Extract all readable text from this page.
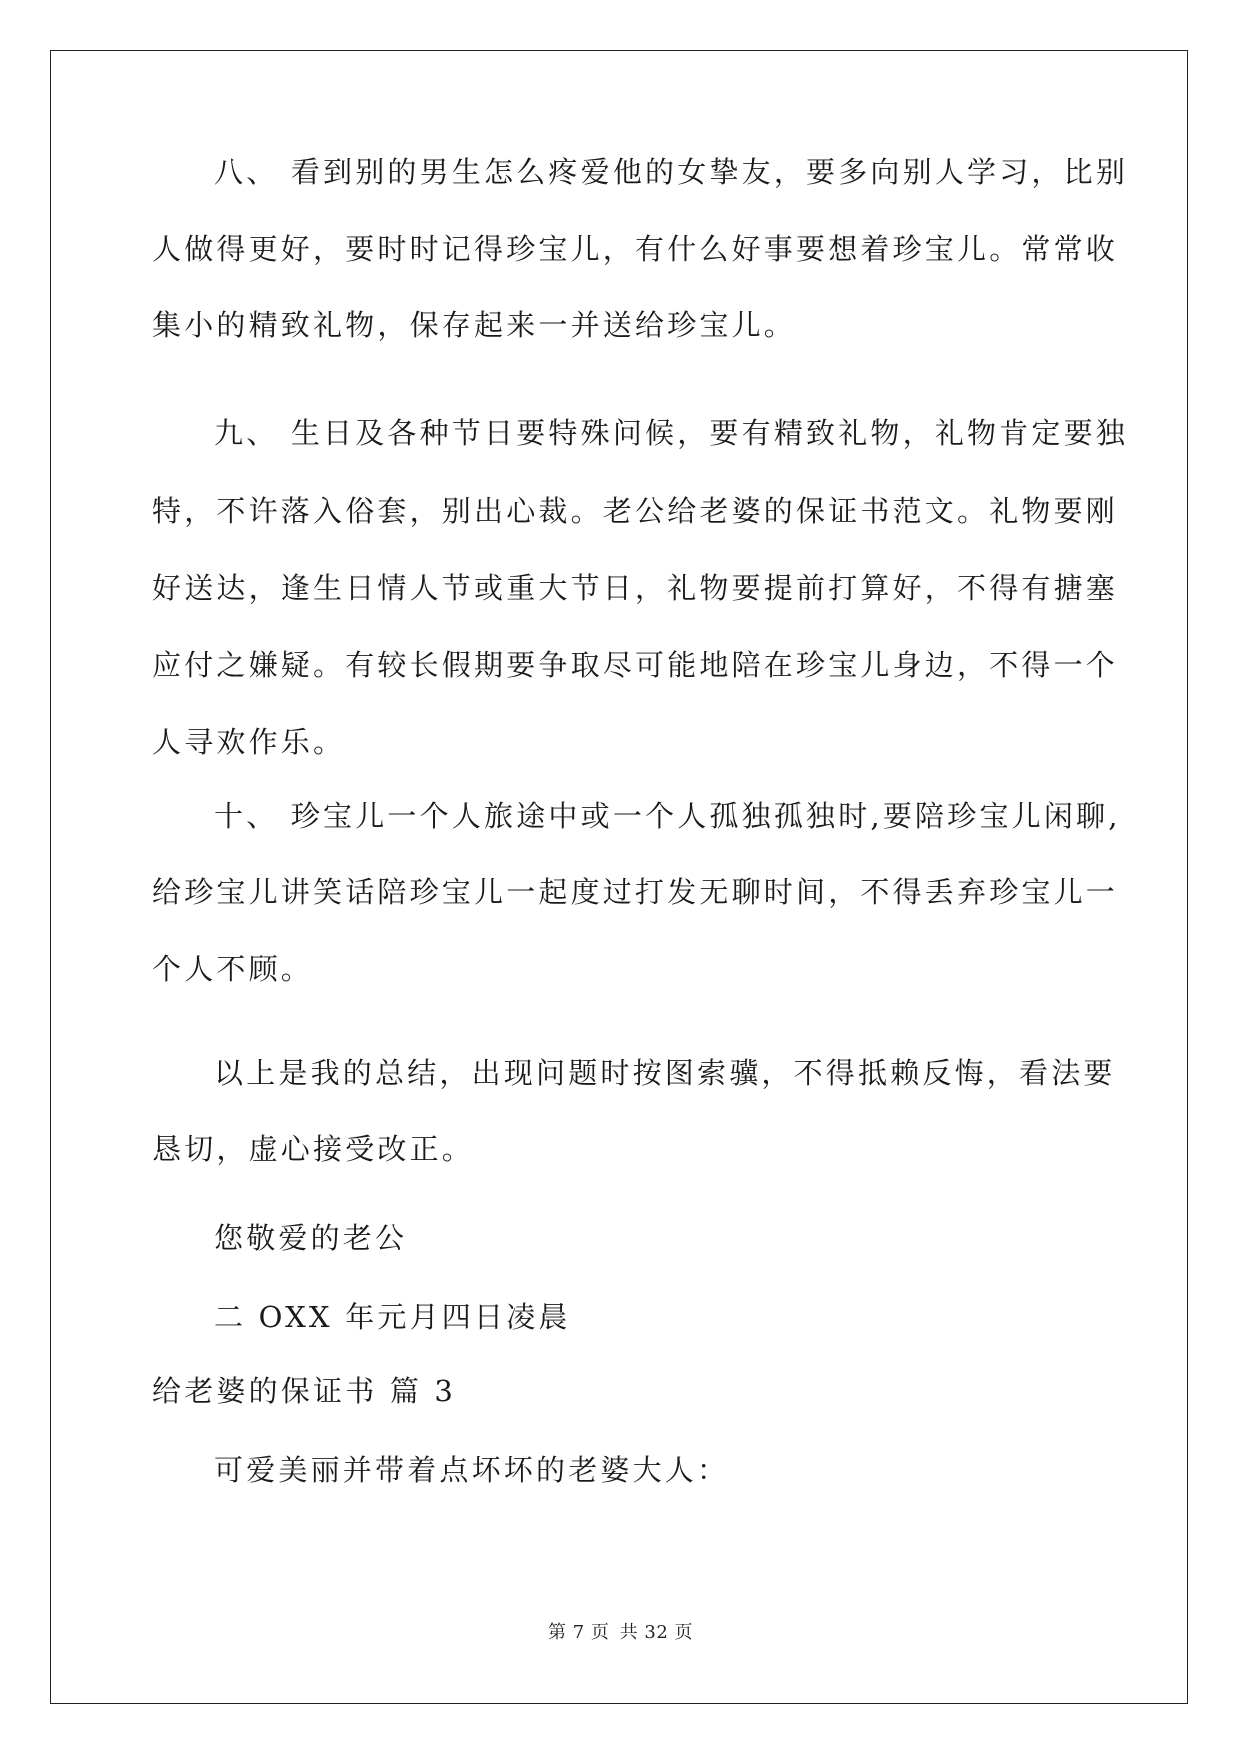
八、 看到别的男生怎么疼爱他的女挚友，要多向别人学习，比别
人做得更好，要时时记得珍宝儿，有什么好事要想着珍宝儿。常常收
集小的精致礼物，保存起来一并送给珍宝儿。
九、 生日及各种节日要特殊问候，要有精致礼物，礼物肯定要独
特，不许落入俗套，别出心裁。老公给老婆的保证书范文。礼物要刚
好送达，逢生日情人节或重大节日，礼物要提前打算好，不得有搪塞
应付之嫌疑。有较长假期要争取尽可能地陪在珍宝儿身边，不得一个
人寻欢作乐。
十、 珍宝儿一个人旅途中或一个人孤独孤独时,要陪珍宝儿闲聊,
给珍宝儿讲笑话陪珍宝儿一起度过打发无聊时间，不得丢弃珍宝儿一
个人不顾。
以上是我的总结，出现问题时按图索骥，不得抵赖反悔，看法要
恳切，虚心接受改正。
您敬爱的老公
二 OXX 年元月四日凌晨
给老婆的保证书 篇 3
可爱美丽并带着点坏坏的老婆大人：
第 7 页 共 32 页
